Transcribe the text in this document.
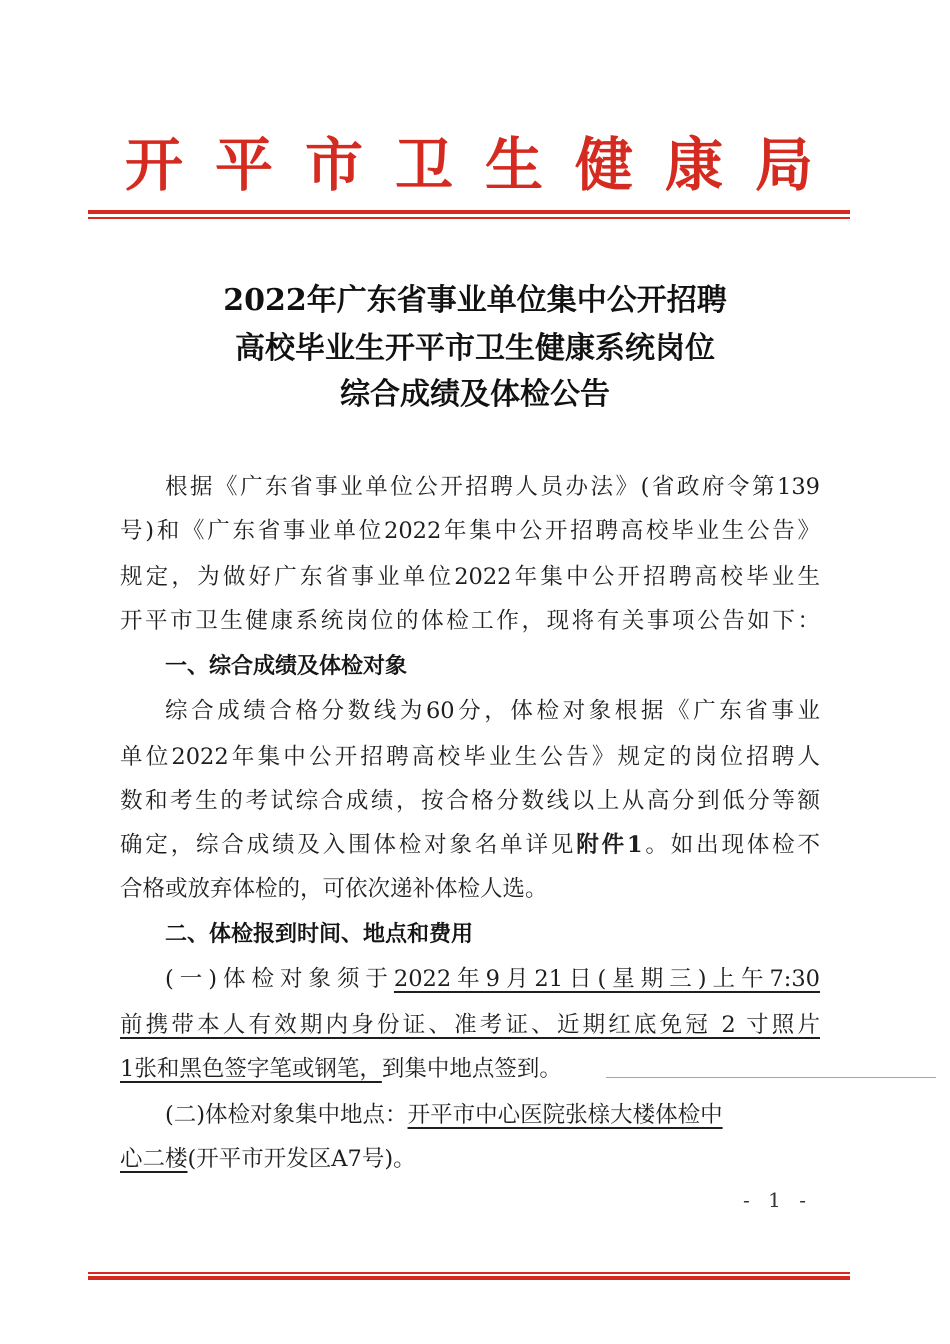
开平市卫生健康局
2022年广东省事业单位集中公开招聘
高校毕业生开平市卫生健康系统岗位
综合成绩及体检公告
根据《广东省事业单位公开招聘人员办法》(省政府令第139
号)和《广东省事业单位2022年集中公开招聘高校毕业生公告》
规定，为做好广东省事业单位2022年集中公开招聘高校毕业生
开平市卫生健康系统岗位的体检工作，现将有关事项公告如下：
一、综合成绩及体检对象
综合成绩合格分数线为60分，体检对象根据《广东省事业
单位2022年集中公开招聘高校毕业生公告》规定的岗位招聘人
数和考生的考试综合成绩，按合格分数线以上从高分到低分等额
确定，综合成绩及入围体检对象名单详见附件1。如出现体检不
合格或放弃体检的，可依次递补体检人选。
二、体检报到时间、地点和费用
(一)体检对象须于2022年9月21日(星期三)上午7:30
前携带本人有效期内身份证、准考证、近期红底免冠 2 寸照片
1张和黑色签字笔或钢笔，到集中地点签到。
(二)体检对象集中地点：开平市中心医院张榇大楼体检中
心二楼(开平市开发区A7号)。
- 1 -
